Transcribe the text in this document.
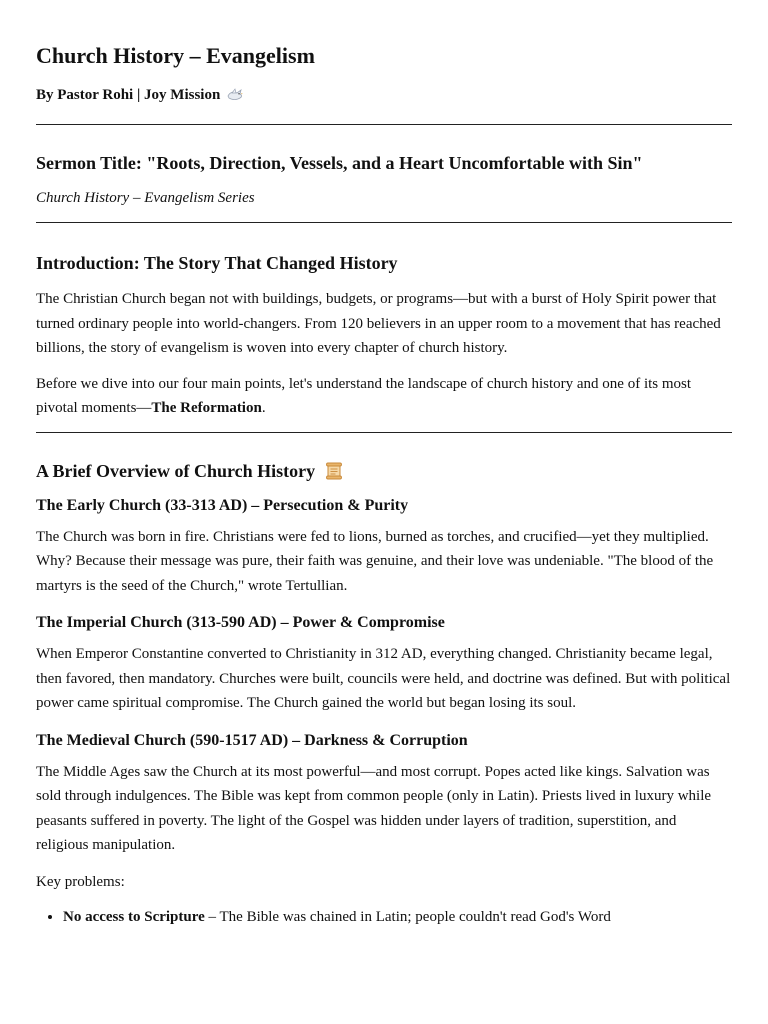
Church History – Evangelism
By Pastor Rohi | Joy Mission
Sermon Title: "Roots, Direction, Vessels, and a Heart Uncomfortable with Sin"
Church History – Evangelism Series
Introduction: The Story That Changed History

The Christian Church began not with buildings, budgets, or programs—but with a burst of Holy Spirit power that turned ordinary people into world-changers. From 120 believers in an upper room to a movement that has reached billions, the story of evangelism is woven into every chapter of church history.

Before we dive into our four main points, let's understand the landscape of church history and one of its most pivotal moments—The Reformation.

A Brief Overview of Church History
The Early Church (33-313 AD) – Persecution & Purity

The Church was born in fire. Christians were fed to lions, burned as torches, and crucified—yet they multiplied. Why? Because their message was pure, their faith was genuine, and their love was undeniable. "The blood of the martyrs is the seed of the Church," wrote Tertullian.

The Imperial Church (313-590 AD) – Power & Compromise

When Emperor Constantine converted to Christianity in 312 AD, everything changed. Christianity became legal, then favored, then mandatory. Churches were built, councils were held, and doctrine was defined. But with political power came spiritual compromise. The Church gained the world but began losing its soul.

The Medieval Church (590-1517 AD) – Darkness & Corruption

The Middle Ages saw the Church at its most powerful—and most corrupt. Popes acted like kings. Salvation was sold through indulgences. The Bible was kept from common people (only in Latin). Priests lived in luxury while peasants suffered in poverty. The light of the Gospel was hidden under layers of tradition, superstition, and religious manipulation.

Key problems:

• No access to Scripture – The Bible was chained in Latin; people couldn't read God's Word
